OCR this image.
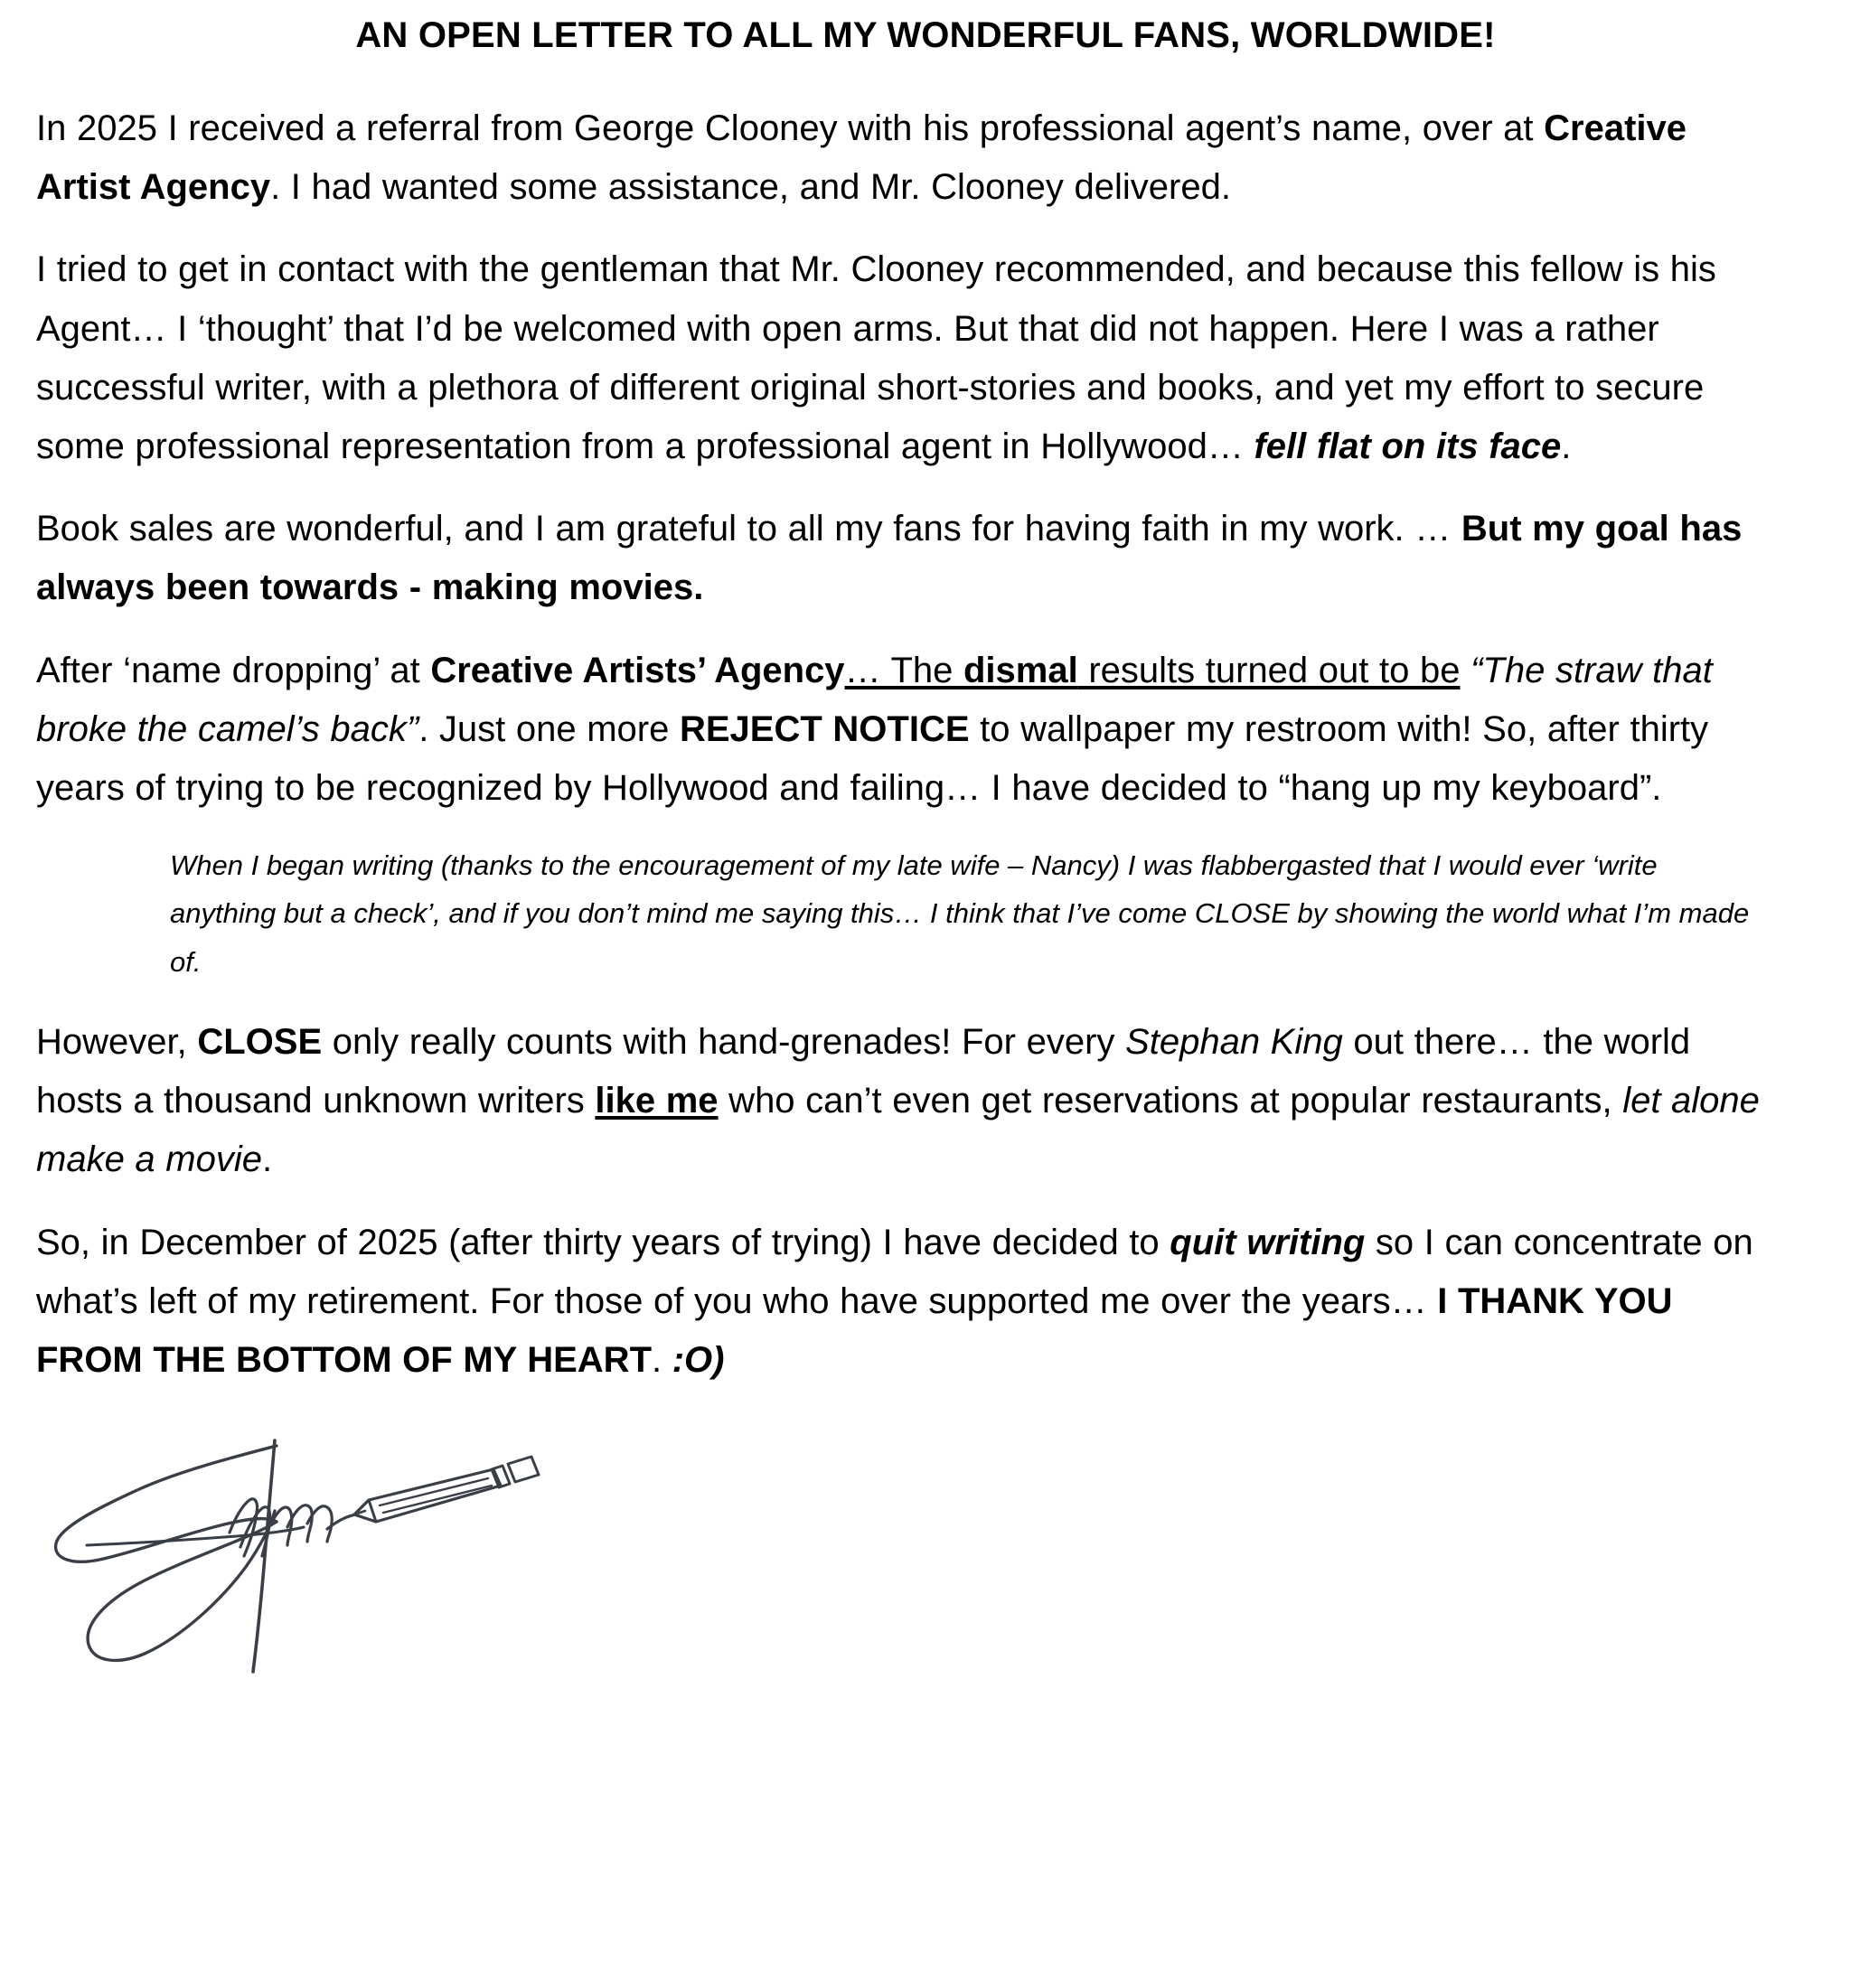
AN OPEN LETTER TO ALL MY WONDERFUL FANS, WORLDWIDE!

In 2025 I received a referral from George Clooney with his professional agent’s name, over at Creative Artist Agency. I had wanted some assistance, and Mr. Clooney delivered.

I tried to get in contact with the gentleman that Mr. Clooney recommended, and because this fellow is his Agent… I ‘thought’ that I’d be welcomed with open arms. But that did not happen. Here I was a rather successful writer, with a plethora of different original short-stories and books, and yet my effort to secure some professional representation from a professional agent in Hollywood… fell flat on its face.

Book sales are wonderful, and I am grateful to all my fans for having faith in my work. … But my goal has always been towards - making movies.

After ‘name dropping’ at Creative Artists’ Agency… The dismal results turned out to be “The straw that broke the camel’s back”. Just one more REJECT NOTICE to wallpaper my restroom with! So, after thirty years of trying to be recognized by Hollywood and failing… I have decided to “hang up my keyboard”.

When I began writing (thanks to the encouragement of my late wife – Nancy) I was flabbergasted that I would ever ‘write anything but a check’, and if you don’t mind me saying this… I think that I’ve come CLOSE by showing the world what I’m made of.

However, CLOSE only really counts with hand-grenades! For every Stephan King out there… the world hosts a thousand unknown writers like me who can’t even get reservations at popular restaurants, let alone make a movie.

So, in December of 2025 (after thirty years of trying) I have decided to quit writing so I can concentrate on what’s left of my retirement. For those of you who have supported me over the years… I THANK YOU FROM THE BOTTOM OF MY HEART. :O)
